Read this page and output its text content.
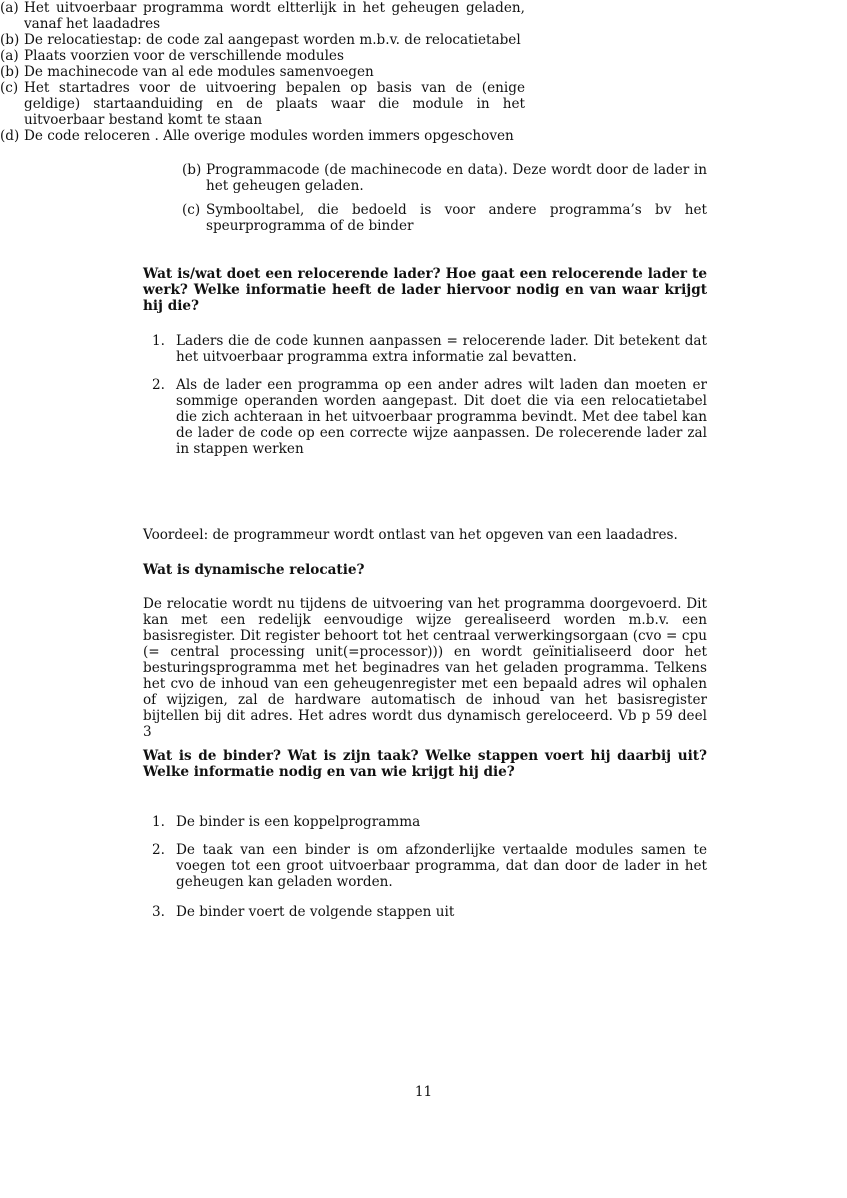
(b) Programmacode (de machinecode en data). Deze wordt door de lader in het geheugen geladen.
(c) Symbooltabel, die bedoeld is voor andere programma’s bv het speurprogramma of de binder

Wat is/wat doet een relocerende lader? Hoe gaat een relocerende lader te werk? Welke informatie heeft de lader hiervoor nodig en van waar krijgt hij die?

1. Laders die de code kunnen aanpassen = relocerende lader. Dit betekent dat het uitvoerbaar programma extra informatie zal bevatten.
2. Als de lader een programma op een ander adres wilt laden dan moeten er sommige operanden worden aangepast. Dit doet die via een relocatietabel die zich achteraan in het uitvoerbaar programma bevindt. Met dee tabel kan de lader de code op een correcte wijze aanpassen. De rolecerende lader zal in stappen werken
(a) Het uitvoerbaar programma wordt eltterlijk in het geheugen geladen, vanaf het laadadres
(b) De relocatiestap: de code zal aangepast worden m.b.v. de relocatietabel

Voordeel: de programmeur wordt ontlast van het opgeven van een laadadres.

Wat is dynamische relocatie?

De relocatie wordt nu tijdens de uitvoering van het programma doorgevoerd. Dit kan met een redelijk eenvoudige wijze gerealiseerd worden m.b.v. een basisregister. Dit register behoort tot het centraal verwerkingsorgaan (cvo = cpu (= central processing unit(=processor))) en wordt geïnitialiseerd door het besturingsprogramma met het beginadres van het geladen programma. Telkens het cvo de inhoud van een geheugenregister met een bepaald adres wil ophalen of wijzigen, zal de hardware automatisch de inhoud van het basisregister bijtellen bij dit adres. Het adres wordt dus dynamisch gereloceerd. Vb p 59 deel 3

Wat is de binder? Wat is zijn taak? Welke stappen voert hij daarbij uit? Welke informatie nodig en van wie krijgt hij die?

1. De binder is een koppelprogramma
2. De taak van een binder is om afzonderlijke vertaalde modules samen te voegen tot een groot uitvoerbaar programma, dat dan door de lader in het geheugen kan geladen worden.
3. De binder voert de volgende stappen uit
(a) Plaats voorzien voor de verschillende modules
(b) De machinecode van al ede modules samenvoegen
(c) Het startadres voor de uitvoering bepalen op basis van de (enige geldige) startaanduiding en de plaats waar die module in het uitvoerbaar bestand komt te staan
(d) De code reloceren . Alle overige modules worden immers opgeschoven
11
